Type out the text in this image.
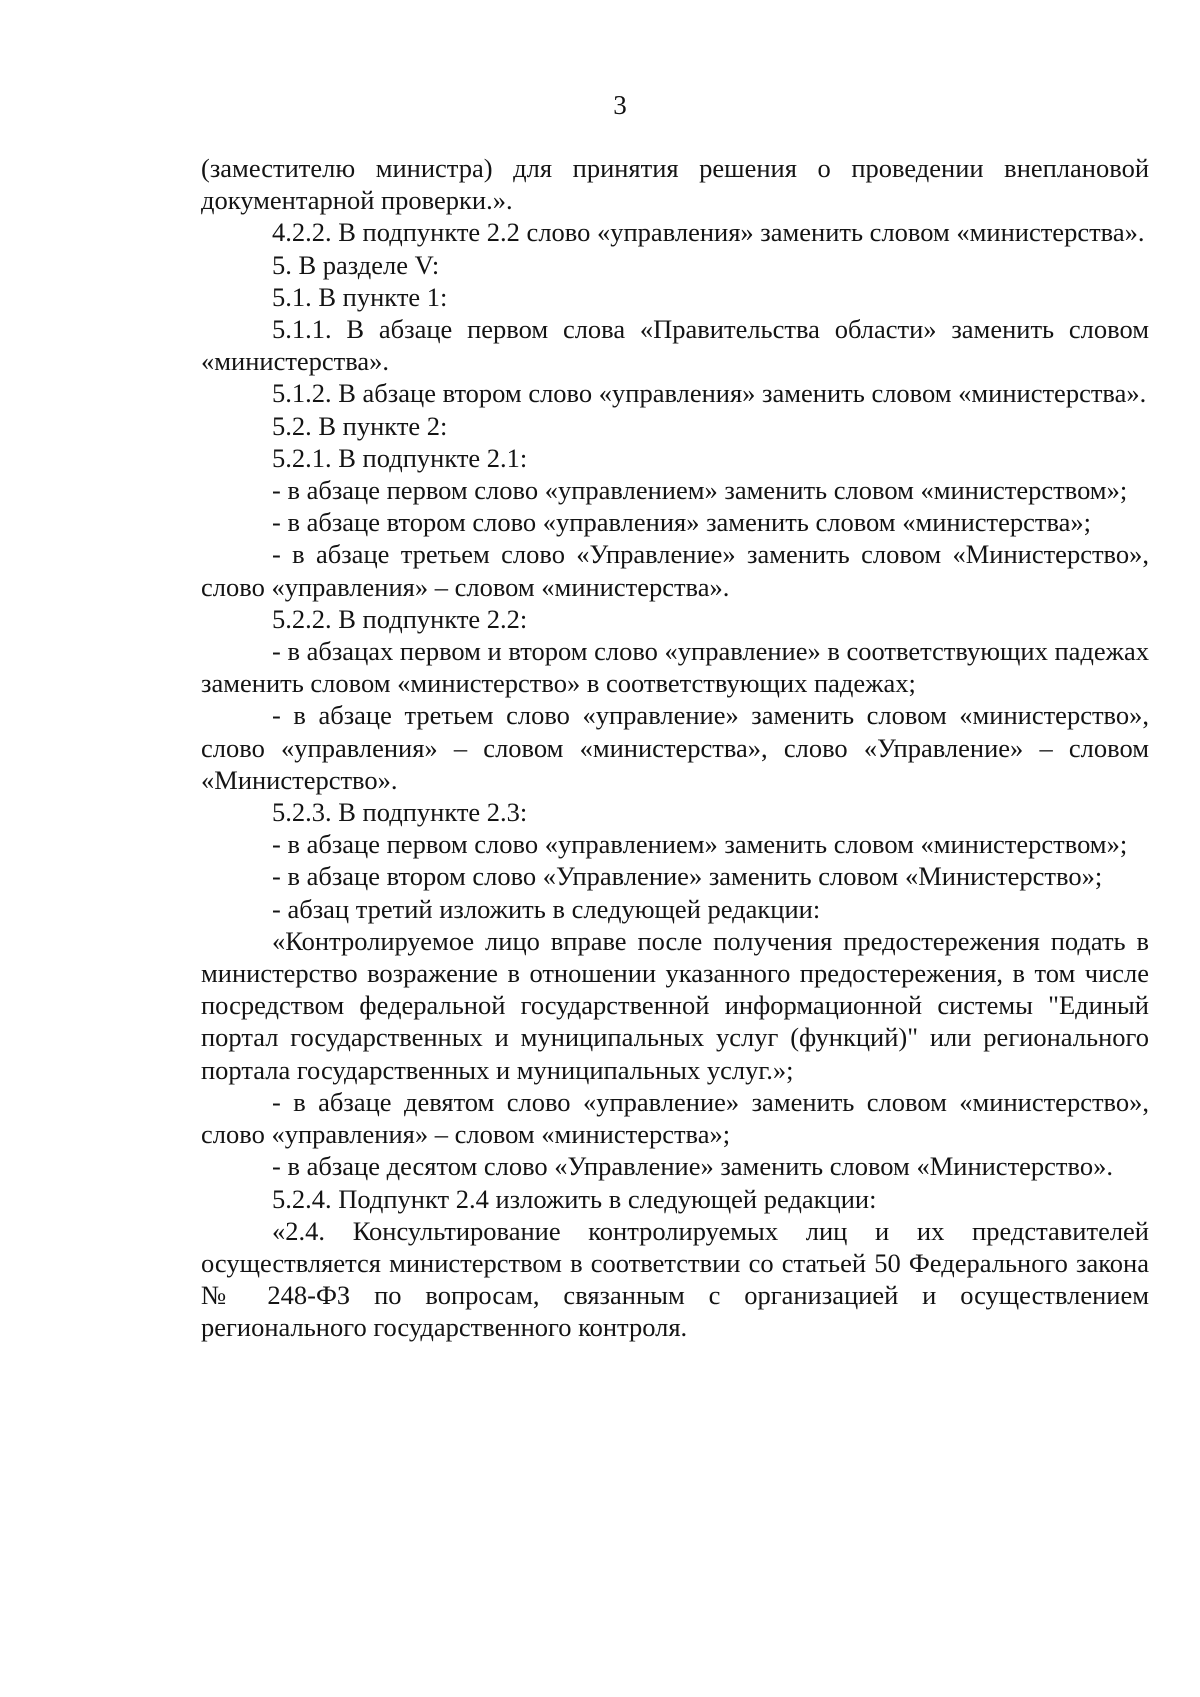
3

(заместителю министра) для принятия решения о проведении внеплановой документарной проверки.».

4.2.2. В подпункте 2.2 слово «управления» заменить словом «министерства».

5. В разделе V:

5.1. В пункте 1:

5.1.1. В абзаце первом слова «Правительства области» заменить словом «министерства».

5.1.2. В абзаце втором слово «управления» заменить словом «министерства».

5.2. В пункте 2:

5.2.1. В подпункте 2.1:

- в абзаце первом слово «управлением» заменить словом «министерством»;

- в абзаце втором слово «управления» заменить словом «министерства»;

- в абзаце третьем слово «Управление» заменить словом «Министерство», слово «управления» – словом «министерства».

5.2.2. В подпункте 2.2:

- в абзацах первом и втором слово «управление» в соответствующих падежах заменить словом «министерство» в соответствующих падежах;

- в абзаце третьем слово «управление» заменить словом «министерство», слово «управления» – словом «министерства», слово «Управление» – словом «Министерство».

5.2.3. В подпункте 2.3:

- в абзаце первом слово «управлением» заменить словом «министерством»;

- в абзаце втором слово «Управление» заменить словом «Министерство»;

- абзац третий изложить в следующей редакции:

«Контролируемое лицо вправе после получения предостережения подать в министерство возражение в отношении указанного предостережения, в том числе посредством федеральной государственной информационной системы "Единый портал государственных и муниципальных услуг (функций)" или регионального портала государственных и муниципальных услуг.»;

- в абзаце девятом слово «управление» заменить словом «министерство», слово «управления» – словом «министерства»;

- в абзаце десятом слово «Управление» заменить словом «Министерство».

5.2.4. Подпункт 2.4 изложить в следующей редакции:

«2.4. Консультирование контролируемых лиц и их представителей осуществляется министерством в соответствии со статьей 50 Федерального закона № 248-ФЗ по вопросам, связанным с организацией и осуществлением регионального государственного контроля.
